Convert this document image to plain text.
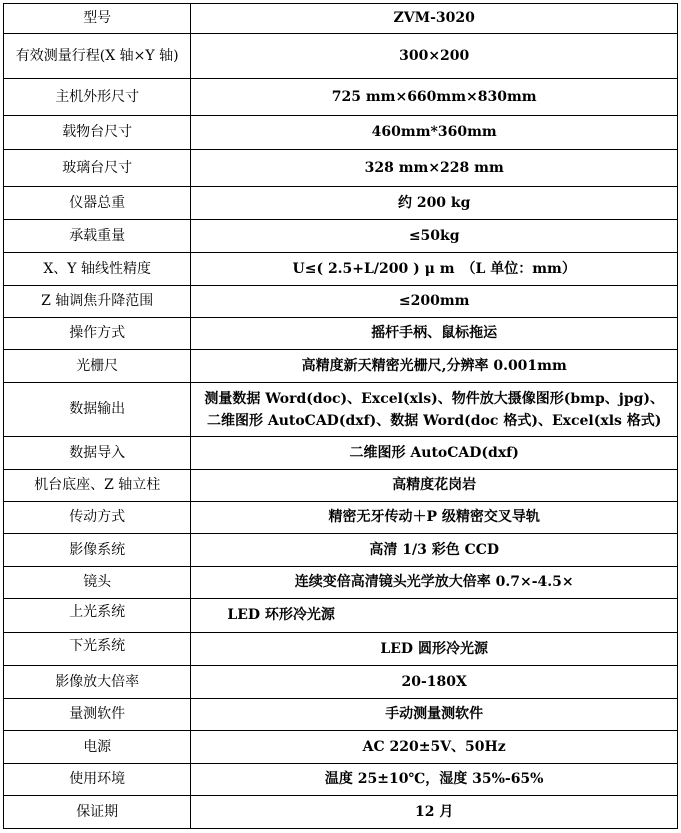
型号	ZVM-3020
有效测量行程(X 轴×Y 轴)	300×200
主机外形尺寸	725 mm×660mm×830mm
载物台尺寸	460mm*360mm
玻璃台尺寸	328 mm×228 mm
仪器总重	约 200 kg
承载重量	≤50kg
X、Y 轴线性精度	U≤( 2.5+L/200 ) μ m　（L 单位：mm）
Z 轴调焦升降范围	≤200mm
操作方式	摇杆手柄、鼠标拖运
光栅尺	高精度新天精密光栅尺,分辨率 0.001mm
数据输出	测量数据 Word(doc)、Excel(xls)、物件放大摄像图形(bmp、jpg)、
二维图形 AutoCAD(dxf)、数据 Word(doc 格式)、Excel(xls 格式)
数据导入	二维图形 AutoCAD(dxf)
机台底座、Z 轴立柱	高精度花岗岩
传动方式	精密无牙传动＋P 级精密交叉导轨
影像系统	高清 1/3 彩色 CCD
镜头	连续变倍高清镜头光学放大倍率 0.7×-4.5×
上光系统	LED 环形冷光源
下光系统	LED 圆形冷光源
影像放大倍率	20-180X
量测软件	手动测量测软件
电源	AC 220±5V、50Hz
使用环境	温度 25±10℃，湿度 35%-65%
保证期	12 月
